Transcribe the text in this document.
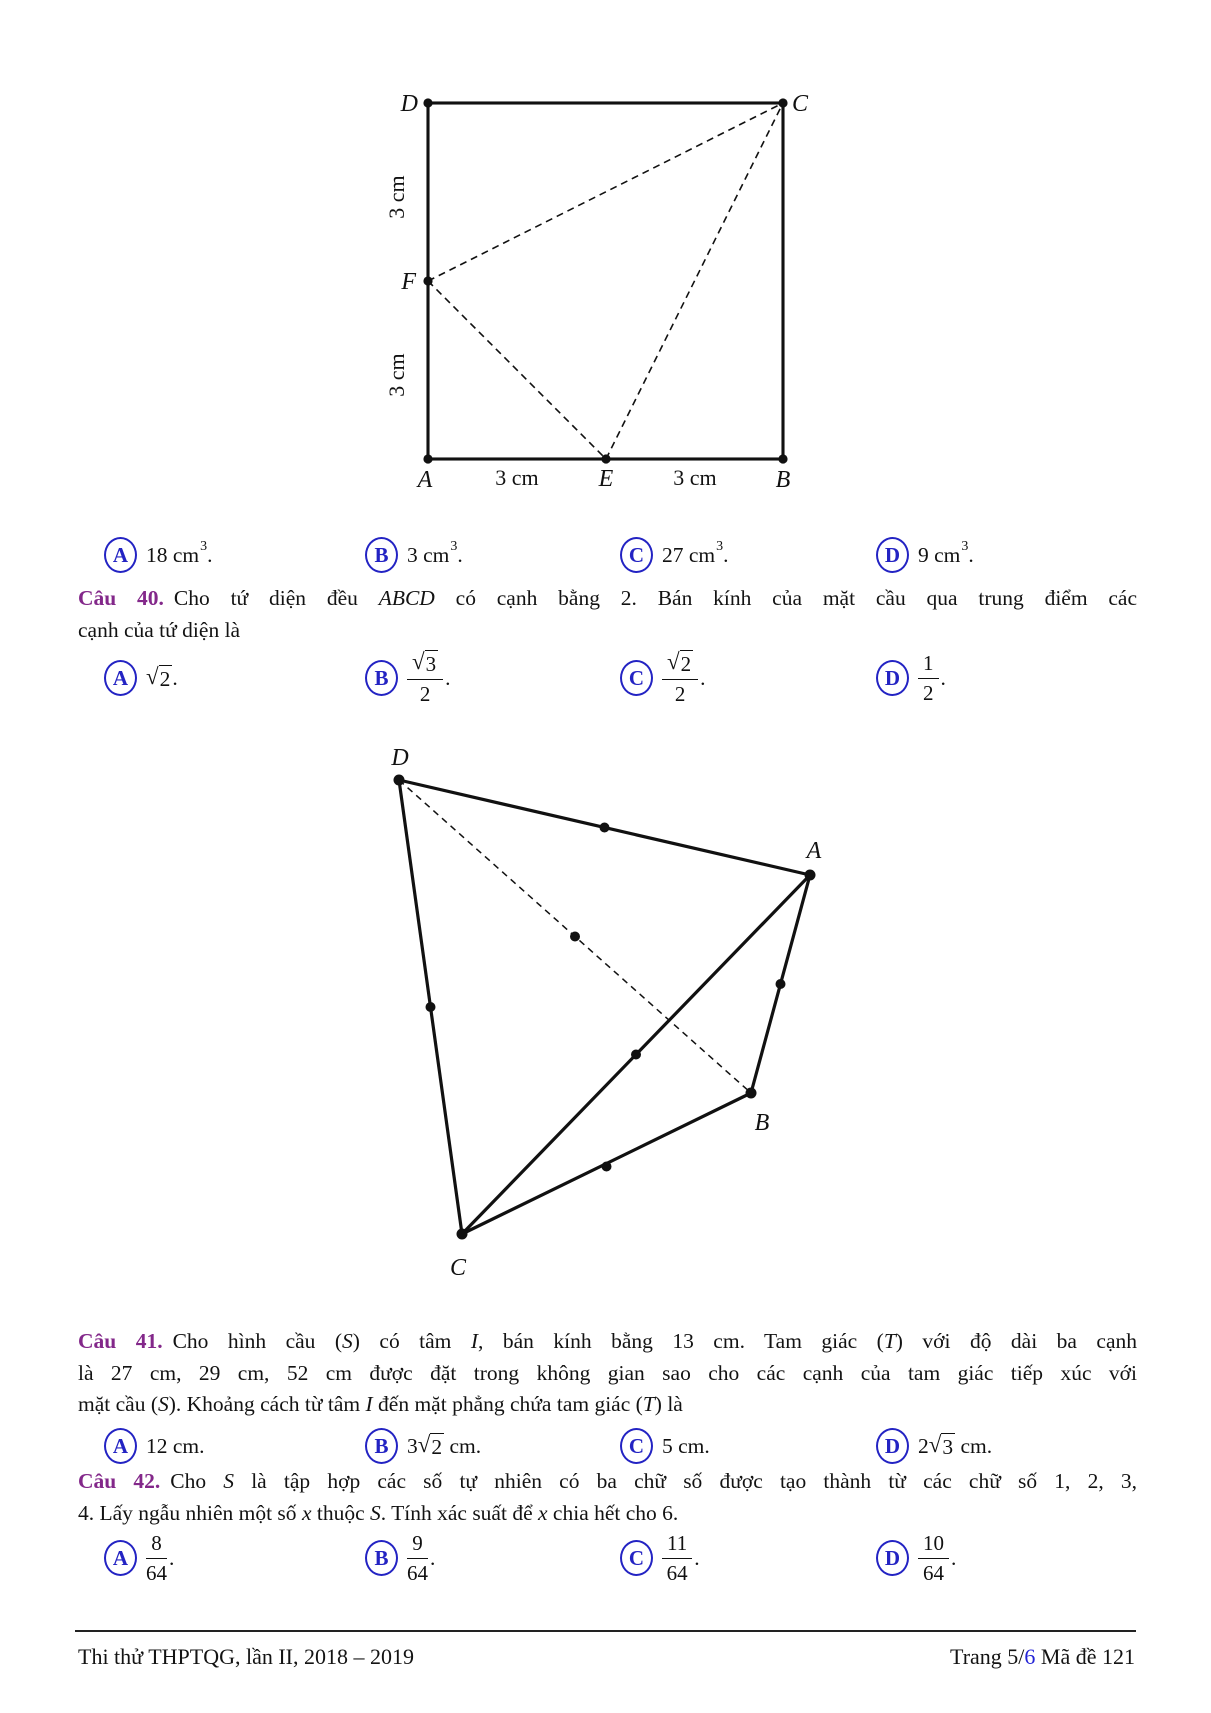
D	C
F
A	E	B
3 cm
3 cm
3 cm	3 cm
A 18 $cm^3$ .	B 3 $cm^3$ .	C 27 $cm^3$ .	D 9 $cm^3$ .
Câu 40. Cho tứ diện đều ABCD có cạnh bằng 2. Bán kính của mặt cầu qua trung điểm các
cạnh của tứ diện là
A √ 2 .	B $\frac{√ 3}{2}$ .	C $\frac{√ 2}{2}$ .	D $\frac{1}{2}$ .
D
A
B
C
Câu 41. Cho hình cầu (S) có tâm I, bán kính bằng 13 cm. Tam giác (T) với độ dài ba cạnh
là 27 cm, 29 cm, 52 cm được đặt trong không gian sao cho các cạnh của tam giác tiếp xúc với
mặt cầu (S). Khoảng cách từ tâm I đến mặt phẳng chứa tam giác (T) là
A 12 cm.	B 3 √ 2 cm.	C 5 cm.	D 2 √ 3 cm.
Câu 42. Cho S là tập hợp các số tự nhiên có ba chữ số được tạo thành từ các chữ số 1, 2, 3,
4. Lấy ngẫu nhiên một số x thuộc S. Tính xác suất để x chia hết cho 6.
A $\frac{8}{64}$ .	B $\frac{9}{64}$ .	C $\frac{11}{64}$ .	D $\frac{10}{64}$ .
Thi thử THPTQG, lần II, 2018 – 2019	Trang 5/6 Mã đề 121
